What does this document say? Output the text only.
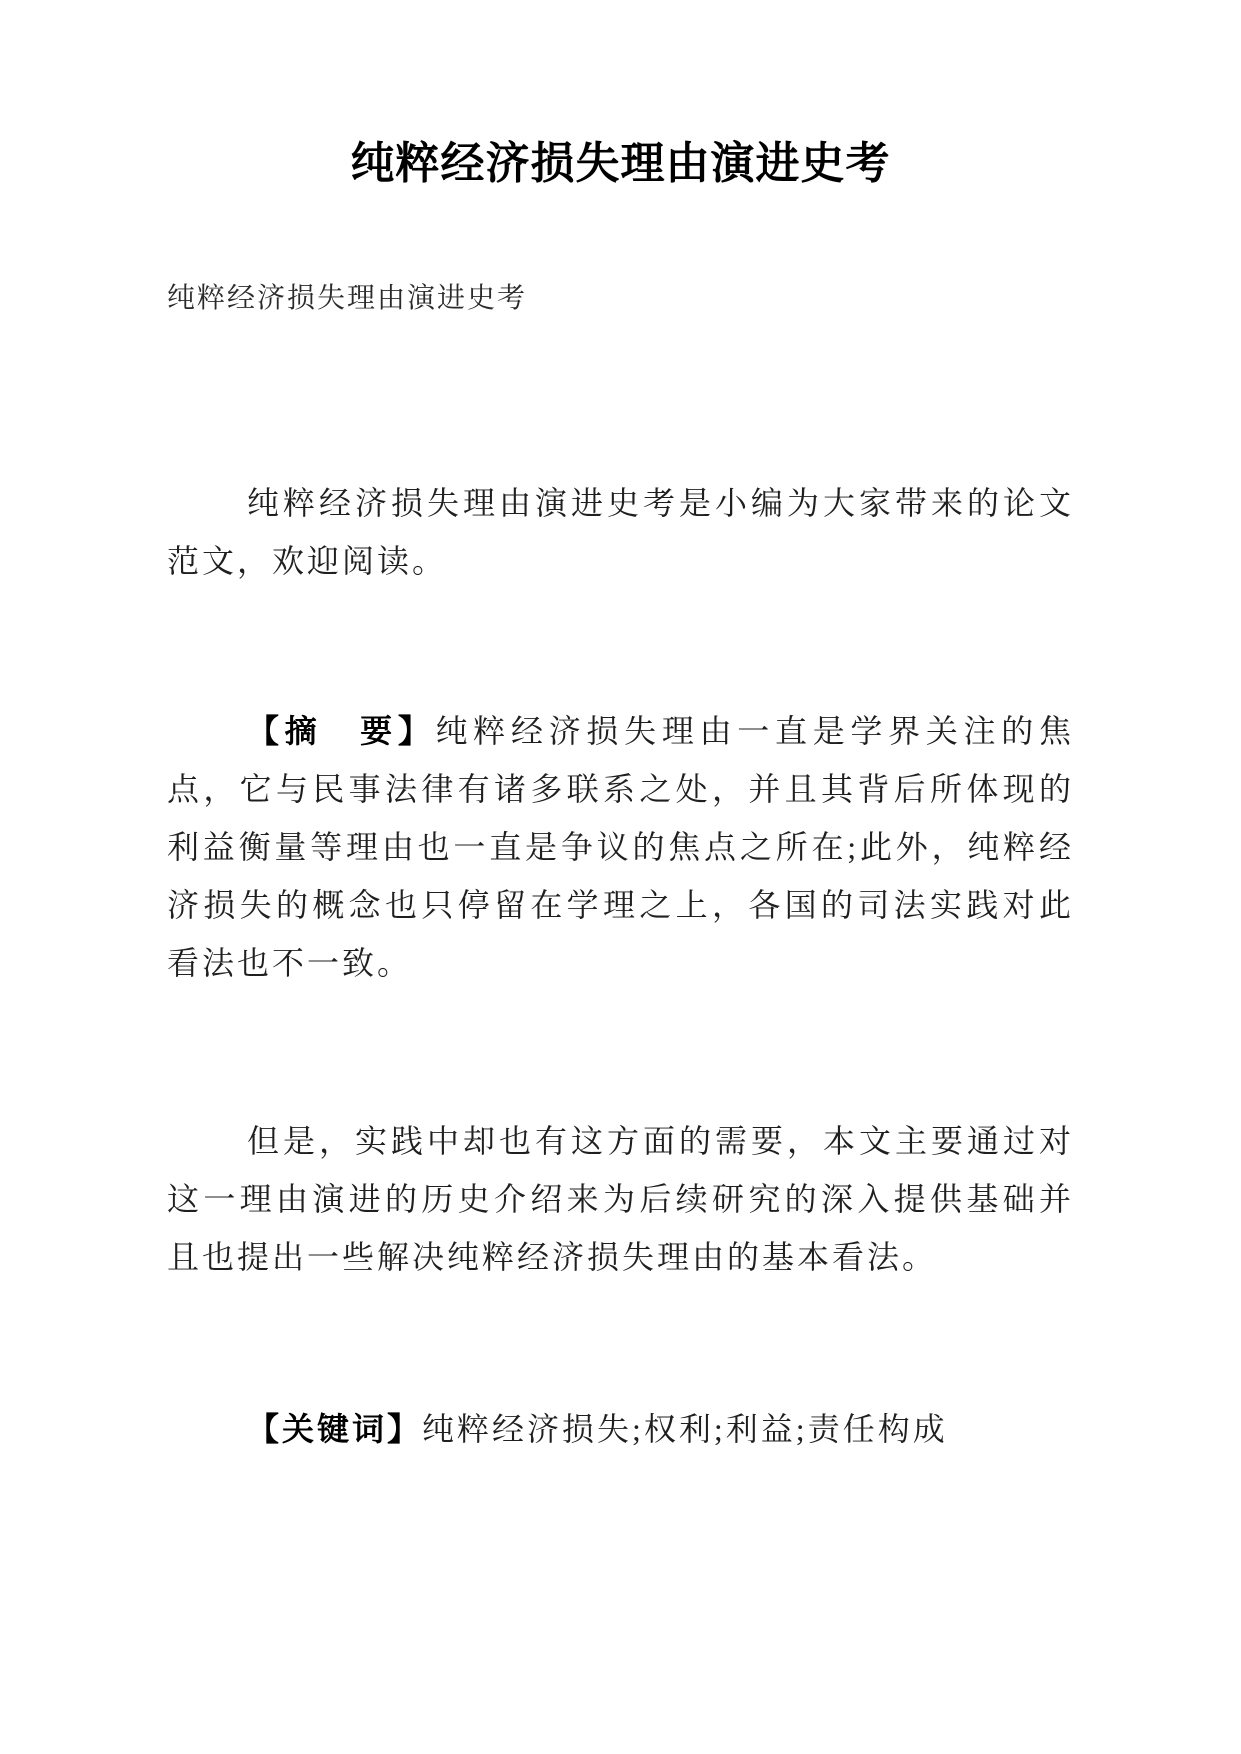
纯粹经济损失理由演进史考

纯粹经济损失理由演进史考

纯粹经济损失理由演进史考是小编为大家带来的论文范文，欢迎阅读。

【摘　要】纯粹经济损失理由一直是学界关注的焦点，它与民事法律有诸多联系之处，并且其背后所体现的利益衡量等理由也一直是争议的焦点之所在;此外，纯粹经济损失的概念也只停留在学理之上，各国的司法实践对此看法也不一致。

但是，实践中却也有这方面的需要，本文主要通过对这一理由演进的历史介绍来为后续研究的深入提供基础并且也提出一些解决纯粹经济损失理由的基本看法。

【关键词】纯粹经济损失;权利;利益;责任构成
